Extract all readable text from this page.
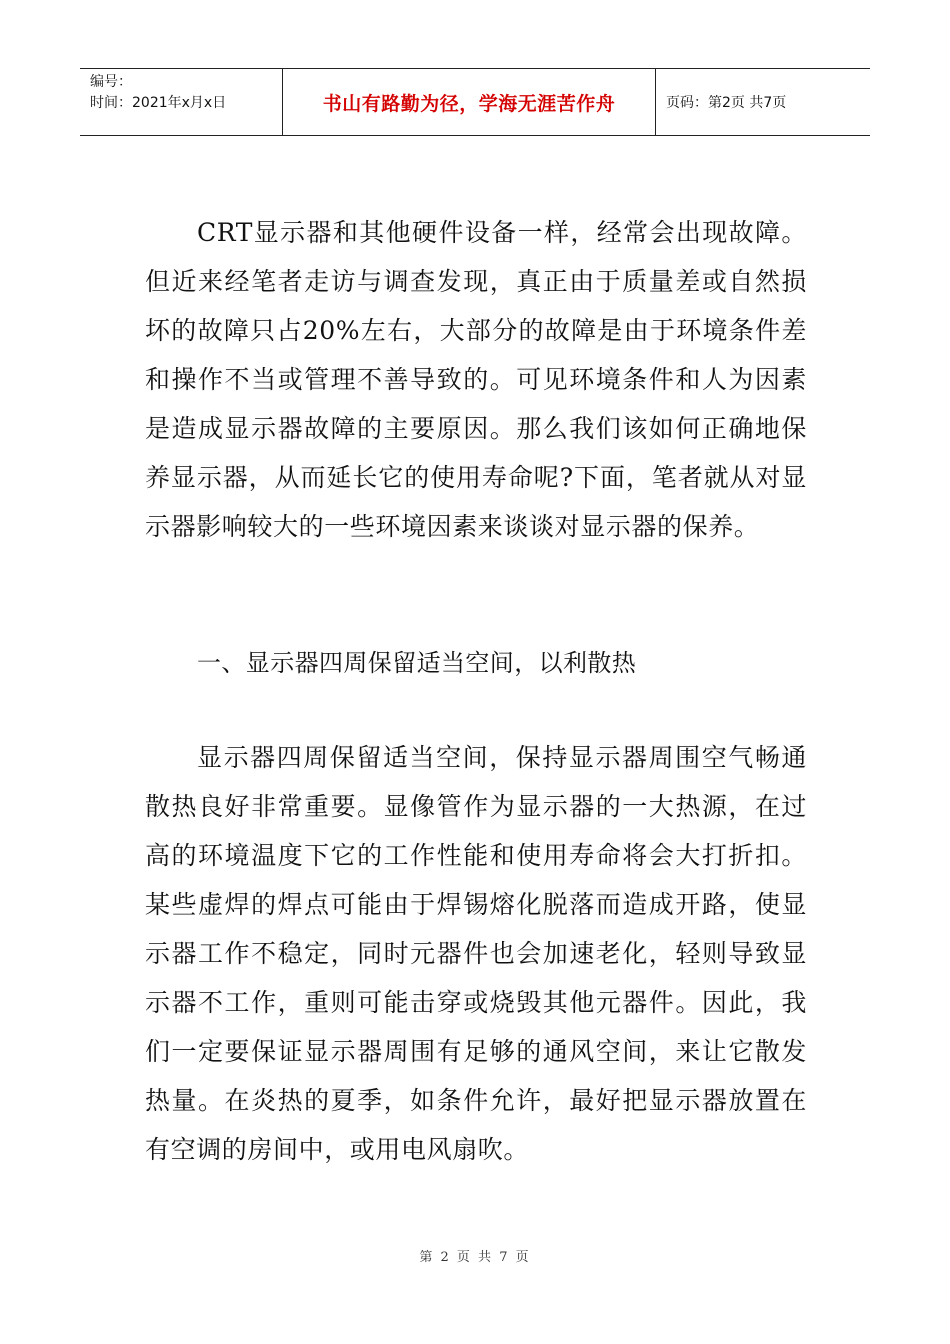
编号：
时间：2021年x月x日	书山有路勤为径，学海无涯苦作舟	页码：第2页 共7页

CRT显示器和其他硬件设备一样，经常会出现故障。但近来经笔者走访与调查发现，真正由于质量差或自然损坏的故障只占20%左右，大部分的故障是由于环境条件差和操作不当或管理不善导致的。可见环境条件和人为因素是造成显示器故障的主要原因。那么我们该如何正确地保养显示器，从而延长它的使用寿命呢?下面，笔者就从对显示器影响较大的一些环境因素来谈谈对显示器的保养。

一、显示器四周保留适当空间，以利散热

显示器四周保留适当空间，保持显示器周围空气畅通散热良好非常重要。显像管作为显示器的一大热源，在过高的环境温度下它的工作性能和使用寿命将会大打折扣。某些虚焊的焊点可能由于焊锡熔化脱落而造成开路，使显示器工作不稳定，同时元器件也会加速老化，轻则导致显示器不工作，重则可能击穿或烧毁其他元器件。因此，我们一定要保证显示器周围有足够的通风空间，来让它散发热量。在炎热的夏季，如条件允许，最好把显示器放置在有空调的房间中，或用电风扇吹。

第 2 页 共 7 页
